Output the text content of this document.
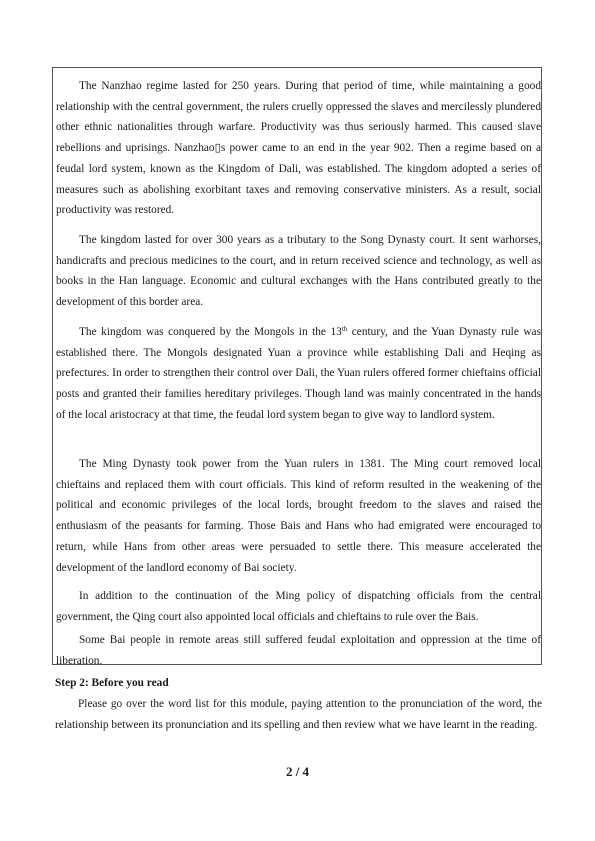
The Nanzhao regime lasted for 250 years. During that period of time, while maintaining a good relationship with the central government, the rulers cruelly oppressed the slaves and mercilessly plundered other ethnic nationalities through warfare. Productivity was thus seriously harmed. This caused slave rebellions and uprisings. Nanzhao▯s power came to an end in the year 902. Then a regime based on a feudal lord system, known as the Kingdom of Dali, was established. The kingdom adopted a series of measures such as abolishing exorbitant taxes and removing conservative ministers. As a result, social productivity was restored.

The kingdom lasted for over 300 years as a tributary to the Song Dynasty court. It sent warhorses, handicrafts and precious medicines to the court, and in return received science and technology, as well as books in the Han language. Economic and cultural exchanges with the Hans contributed greatly to the development of this border area.

The kingdom was conquered by the Mongols in the 13th century, and the Yuan Dynasty rule was established there. The Mongols designated Yuan a province while establishing Dali and Heqing as prefectures. In order to strengthen their control over Dali, the Yuan rulers offered former chieftains official posts and granted their families hereditary privileges. Though land was mainly concentrated in the hands of the local aristocracy at that time, the feudal lord system began to give way to landlord system.

The Ming Dynasty took power from the Yuan rulers in 1381. The Ming court removed local chieftains and replaced them with court officials. This kind of reform resulted in the weakening of the political and economic privileges of the local lords, brought freedom to the slaves and raised the enthusiasm of the peasants for farming. Those Bais and Hans who had emigrated were encouraged to return, while Hans from other areas were persuaded to settle there. This measure accelerated the development of the landlord economy of Bai society.

In addition to the continuation of the Ming policy of dispatching officials from the central government, the Qing court also appointed local officials and chieftains to rule over the Bais.

Some Bai people in remote areas still suffered feudal exploitation and oppression at the time of liberation.

Step 2: Before you read

Please go over the word list for this module, paying attention to the pronunciation of the word, the relationship between its pronunciation and its spelling and then review what we have learnt in the reading.

2 / 4
